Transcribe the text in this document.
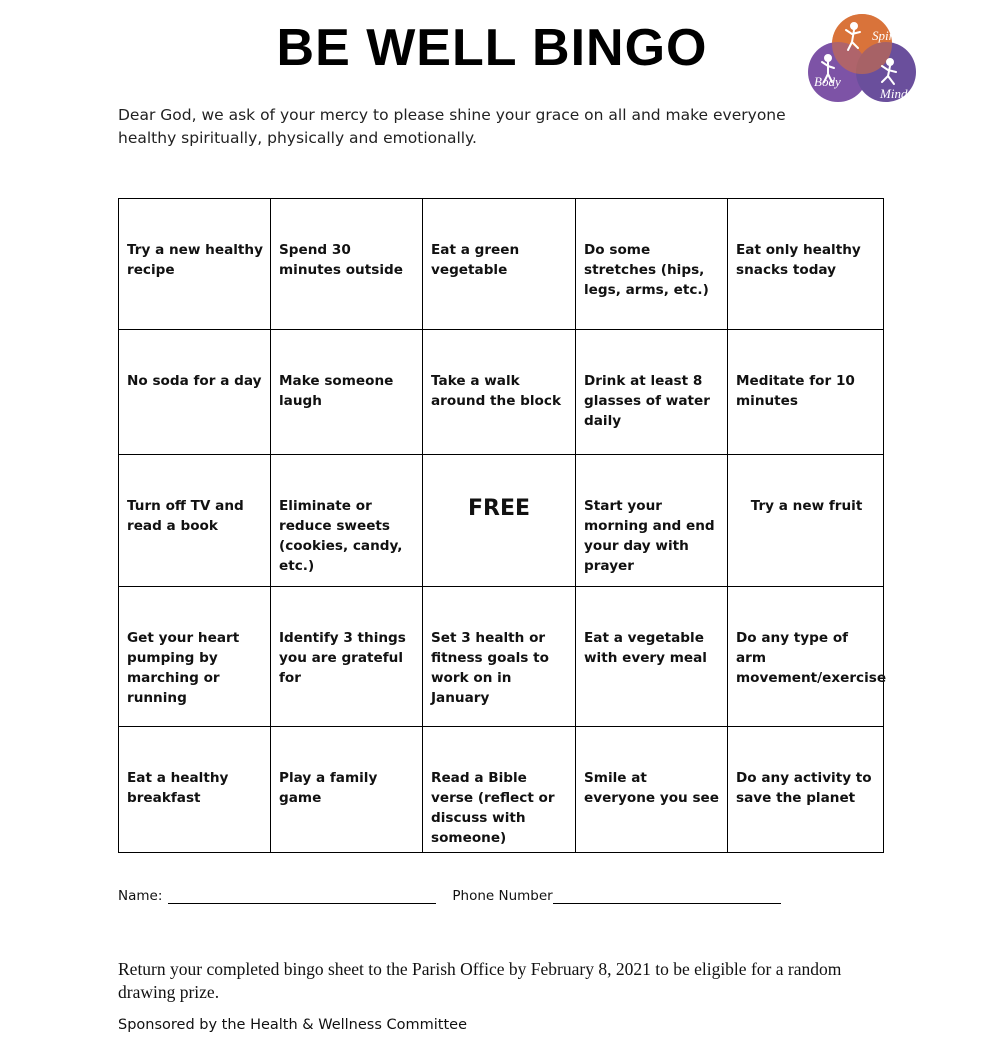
BE WELL BINGO	Spirit
Body
Mind
Dear God, we ask of your mercy to please shine your grace on all and make everyone healthy spiritually, physically and emotionally.
Try a new healthy recipe	Spend 30 minutes outside	Eat a green vegetable	Do some stretches (hips, legs, arms, etc.)	Eat only healthy snacks today

No soda for a day	Make someone laugh	Take a walk around the block	Drink at least 8 glasses of water daily	Meditate for 10 minutes

Turn off TV and read a book	Eliminate or reduce sweets (cookies, candy, etc.)	FREE	Start your morning and end your day with prayer	Try a new fruit

Get your heart pumping by marching or running	Identify 3 things you are grateful for	Set 3 health or fitness goals to work on in January	Eat a vegetable with every meal	Do any type of arm movement/exercise

Eat a healthy breakfast	Play a family game	Read a Bible verse (reflect or discuss with someone)	Smile at everyone you see	Do any activity to save the planet
Name:	Phone Number
Return your completed bingo sheet to the Parish Office by February 8, 2021 to be eligible for a random drawing prize.
Sponsored by the Health & Wellness Committee
